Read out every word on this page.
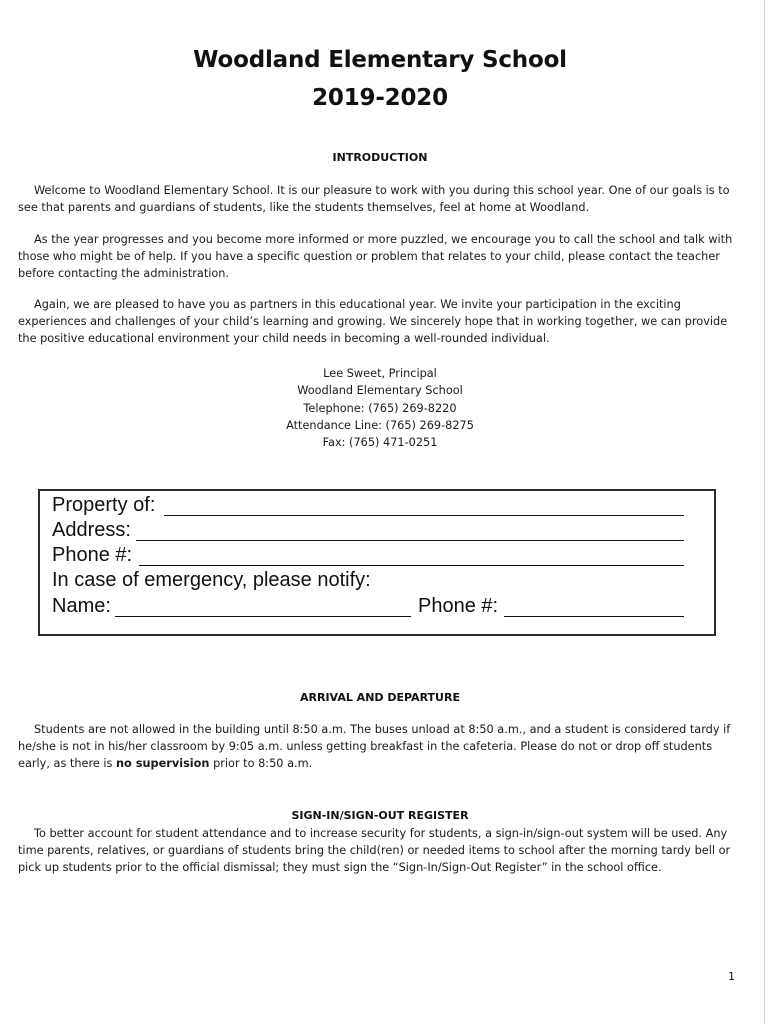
Woodland Elementary School
2019-2020
INTRODUCTION
Welcome to Woodland Elementary School. It is our pleasure to work with you during this school year. One of our goals is to see that parents and guardians of students, like the students themselves, feel at home at Woodland.
As the year progresses and you become more informed or more puzzled, we encourage you to call the school and talk with those who might be of help. If you have a specific question or problem that relates to your child, please contact the teacher before contacting the administration.
Again, we are pleased to have you as partners in this educational year. We invite your participation in the exciting experiences and challenges of your child’s learning and growing. We sincerely hope that in working together, we can provide the positive educational environment your child needs in becoming a well-rounded individual.
Lee Sweet, Principal
Woodland Elementary School
Telephone: (765) 269-8220
Attendance Line: (765) 269-8275
Fax: (765) 471-0251
Property of:
Address:
Phone #:
In case of emergency, please notify:
Name:	Phone #:
ARRIVAL AND DEPARTURE
Students are not allowed in the building until 8:50 a.m. The buses unload at 8:50 a.m., and a student is considered tardy if he/she is not in his/her classroom by 9:05 a.m. unless getting breakfast in the cafeteria. Please do not or drop off students early, as there is no supervision prior to 8:50 a.m.
SIGN-IN/SIGN-OUT REGISTER
To better account for student attendance and to increase security for students, a sign-in/sign-out system will be used. Any time parents, relatives, or guardians of students bring the child(ren) or needed items to school after the morning tardy bell or pick up students prior to the official dismissal; they must sign the “Sign-In/Sign-Out Register” in the school office.
1
